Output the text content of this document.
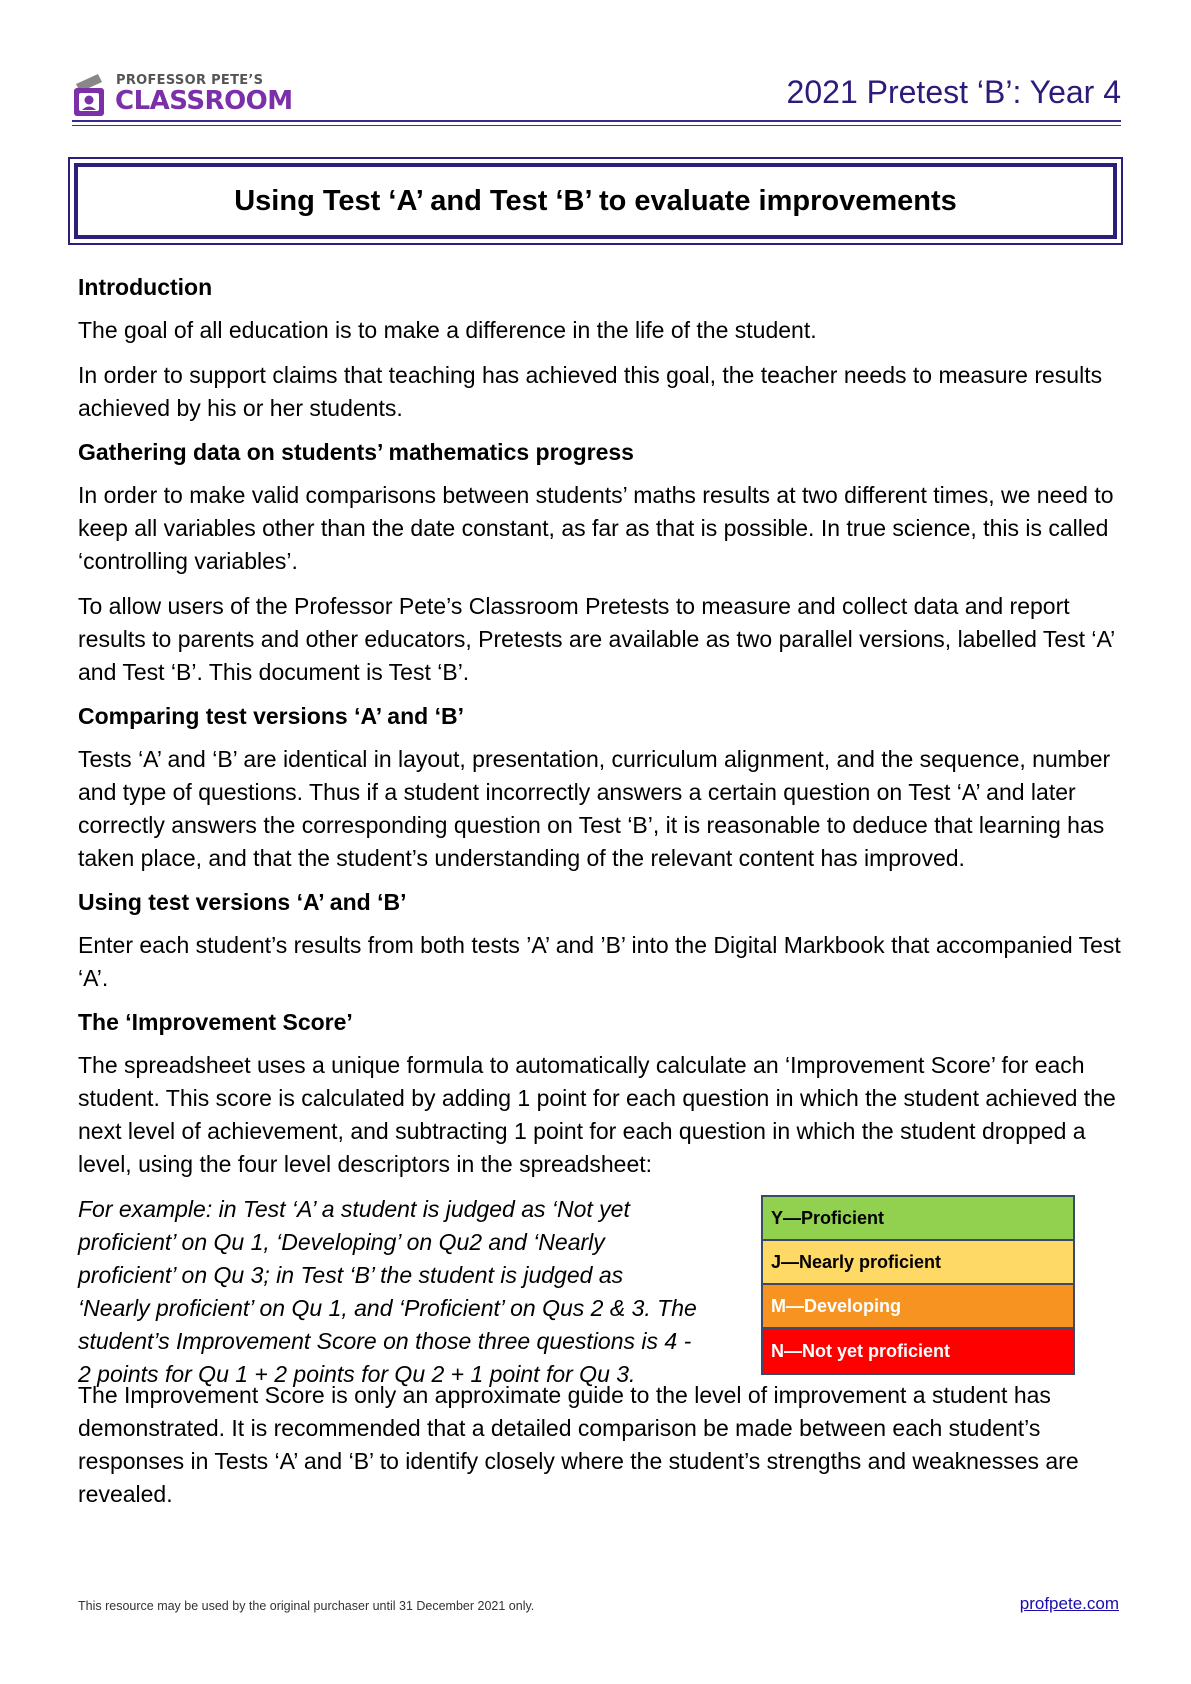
PROFESSOR PETE’S
CLASSROOM	2021 Pretest ‘B’: Year 4
Using Test ‘A’ and Test ‘B’ to evaluate improvements
Introduction

The goal of all education is to make a difference in the life of the student.

In order to support claims that teaching has achieved this goal, the teacher needs to measure results achieved by his or her students.

Gathering data on students’ mathematics progress

In order to make valid comparisons between students’ maths results at two different times, we need to keep all variables other than the date constant, as far as that is possible. In true science, this is called ‘controlling variables’.

To allow users of the Professor Pete’s Classroom Pretests to measure and collect data and report results to parents and other educators, Pretests are available as two parallel versions, labelled Test ‘A’ and Test ‘B’. This document is Test ‘B’.

Comparing test versions ‘A’ and ‘B’

Tests ‘A’ and ‘B’ are identical in layout, presentation, curriculum alignment, and the sequence, number and type of questions. Thus if a student incorrectly answers a certain question on Test ‘A’ and later correctly answers the corresponding question on Test ‘B’, it is reasonable to deduce that learning has taken place, and that the student’s understanding of the relevant content has improved.

Using test versions ‘A’ and ‘B’

Enter each student’s results from both tests ’A’ and ’B’ into the Digital Markbook that accompanied Test ‘A’.

The ‘Improvement Score’

The spreadsheet uses a unique formula to automatically calculate an ‘Improvement Score’ for each student. This score is calculated by adding 1 point for each question in which the student achieved the next level of achievement, and subtracting 1 point for each question in which the student dropped a level, using the four level descriptors in the spreadsheet:

For example: in Test ‘A’ a student is judged as ‘Not yet proficient’ on Qu 1, ‘Developing’ on Qu2 and ‘Nearly proficient’ on Qu 3; in Test ‘B’ the student is judged as ‘Nearly proficient’ on Qu 1, and ‘Proficient’ on Qus 2 & 3. The student’s Improvement Score on those three questions is 4 - 2 points for Qu 1 + 2 points for Qu 2 + 1 point for Qu 3.

Y—Proficient
J—Nearly proficient
M—Developing
N—Not yet proficient

The Improvement Score is only an approximate guide to the level of improvement a student has demonstrated. It is recommended that a detailed comparison be made between each student’s responses in Tests ‘A’ and ‘B’ to identify closely where the student’s strengths and weaknesses are revealed.

This resource may be used by the original purchaser until 31 December 2021 only.	profpete.com
